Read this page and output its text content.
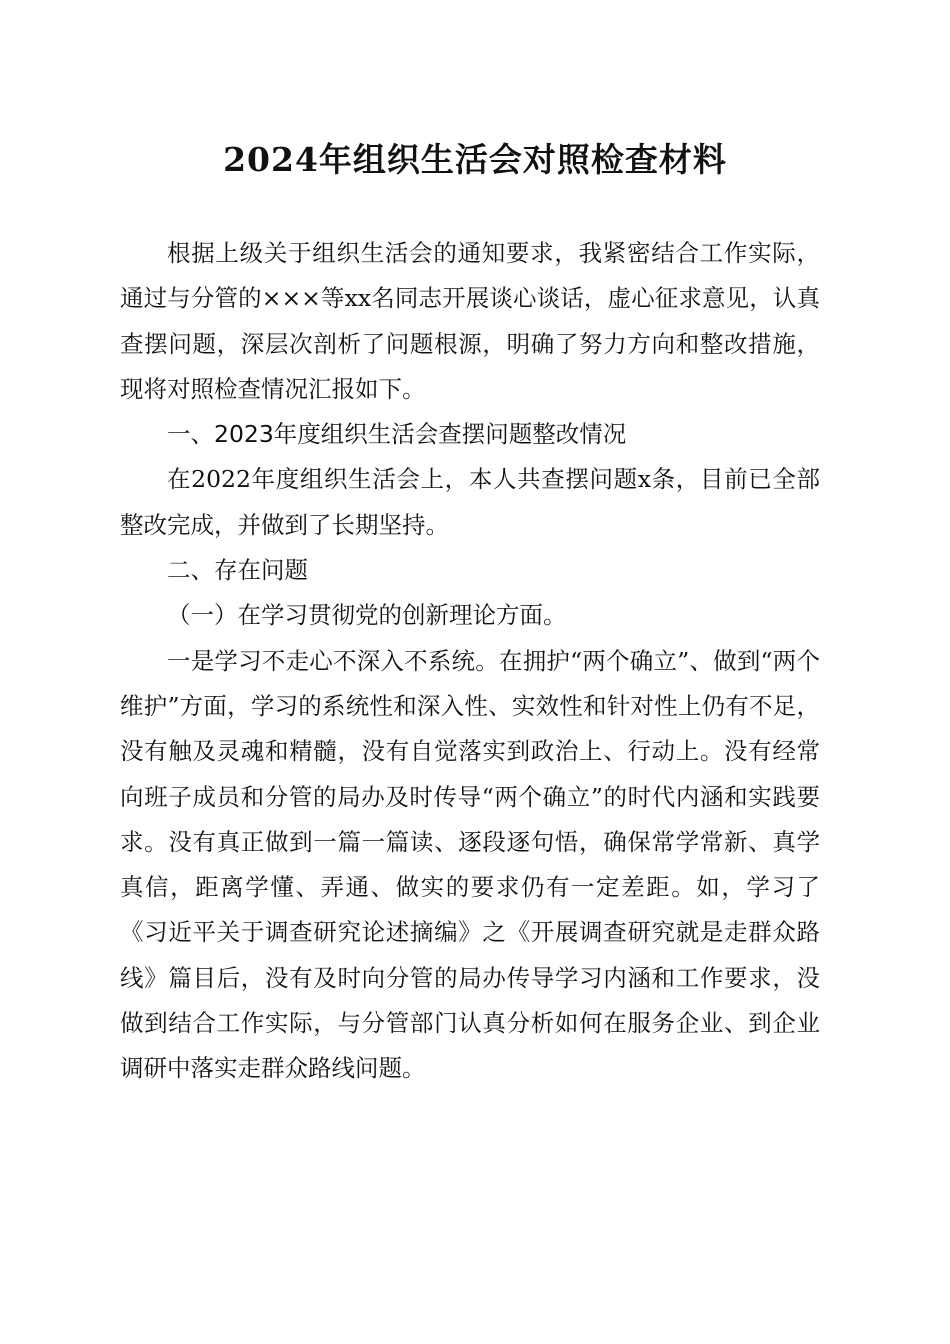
2024年组织生活会对照检查材料

根据上级关于组织生活会的通知要求，我紧密结合工作实际，通过与分管的×××等xx名同志开展谈心谈话，虚心征求意见，认真查摆问题，深层次剖析了问题根源，明确了努力方向和整改措施，现将对照检查情况汇报如下。

一、2023年度组织生活会查摆问题整改情况

在2022年度组织生活会上，本人共查摆问题x条，目前已全部整改完成，并做到了长期坚持。

二、存在问题

（一）在学习贯彻党的创新理论方面。

一是学习不走心不深入不系统。在拥护“两个确立”、做到“两个维护”方面，学习的系统性和深入性、实效性和针对性上仍有不足，没有触及灵魂和精髓，没有自觉落实到政治上、行动上。没有经常向班子成员和分管的局办及时传导“两个确立”的时代内涵和实践要求。没有真正做到一篇一篇读、逐段逐句悟，确保常学常新、真学真信，距离学懂、弄通、做实的要求仍有一定差距。如，学习了《习近平关于调查研究论述摘编》之《开展调查研究就是走群众路线》篇目后，没有及时向分管的局办传导学习内涵和工作要求，没做到结合工作实际，与分管部门认真分析如何在服务企业、到企业调研中落实走群众路线问题。
